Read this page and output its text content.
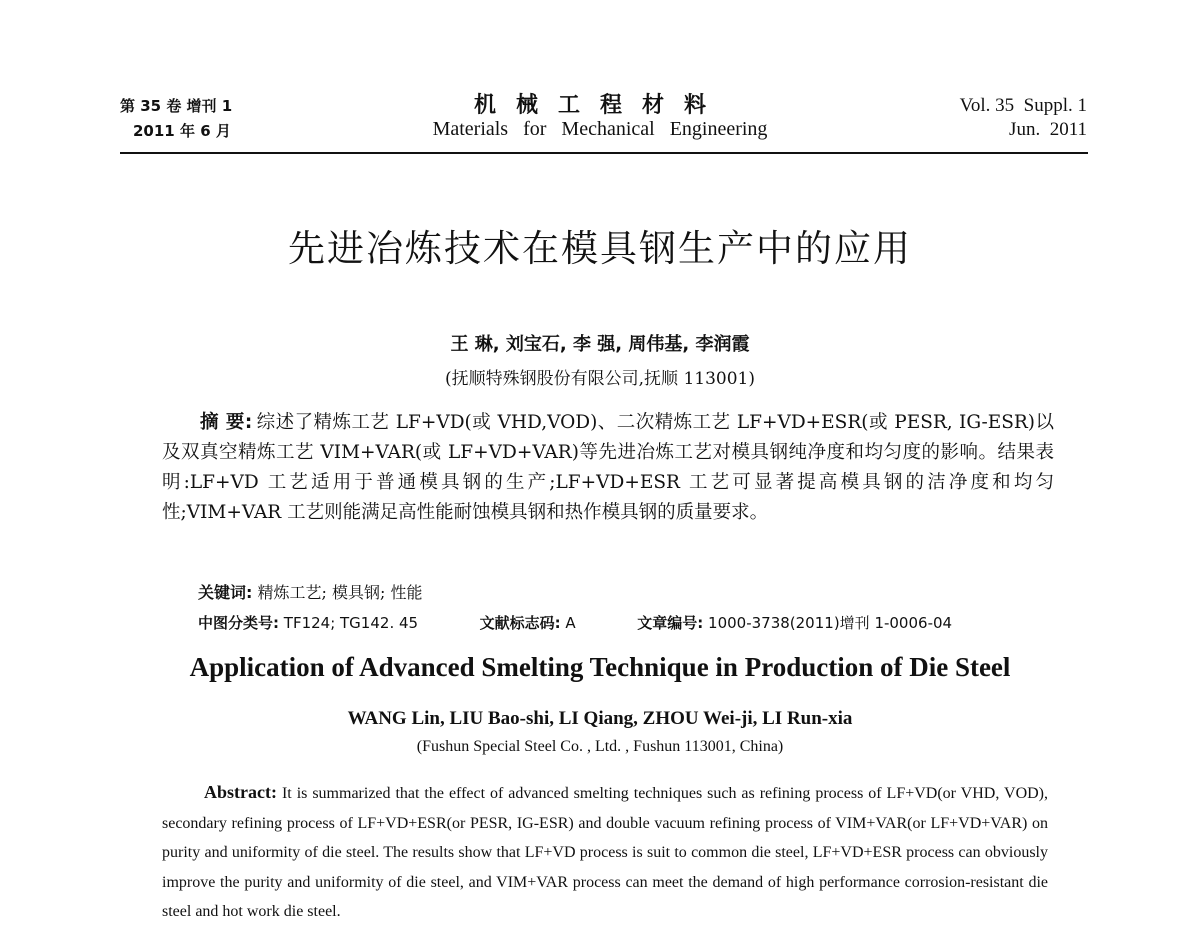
第 35 卷 增刊 1
2011 年 6 月
机械工程材料
Materials for Mechanical Engineering
Vol. 35  Suppl. 1
Jun.  2011
先进冶炼技术在模具钢生产中的应用
王 琳, 刘宝石, 李 强, 周伟基, 李润霞
(抚顺特殊钢股份有限公司,抚顺 113001)
摘 要: 综述了精炼工艺 LF+VD(或 VHD,VOD)、二次精炼工艺 LF+VD+ESR(或 PESR, IG-ESR)以及双真空精炼工艺 VIM+VAR(或 LF+VD+VAR)等先进冶炼工艺对模具钢纯净度和均匀度的影响。结果表明:LF+VD 工艺适用于普通模具钢的生产;LF+VD+ESR 工艺可显著提高模具钢的洁净度和均匀性;VIM+VAR 工艺则能满足高性能耐蚀模具钢和热作模具钢的质量要求。
关键词: 精炼工艺; 模具钢; 性能
中图分类号: TF124; TG142. 45	文献标志码: A	文章编号: 1000-3738(2011)增刊 1-0006-04
Application of Advanced Smelting Technique in Production of Die Steel
WANG Lin, LIU Bao-shi, LI Qiang, ZHOU Wei-ji, LI Run-xia
(Fushun Special Steel Co. , Ltd. , Fushun 113001, China)
Abstract: It is summarized that the effect of advanced smelting techniques such as refining process of LF+VD(or VHD, VOD), secondary refining process of LF+VD+ESR(or PESR, IG-ESR) and double vacuum refining process of VIM+VAR(or LF+VD+VAR) on purity and uniformity of die steel. The results show that LF+VD process is suit to common die steel, LF+VD+ESR process can obviously improve the purity and uniformity of die steel, and VIM+VAR process can meet the demand of high performance corrosion-resistant die steel and hot work die steel.
